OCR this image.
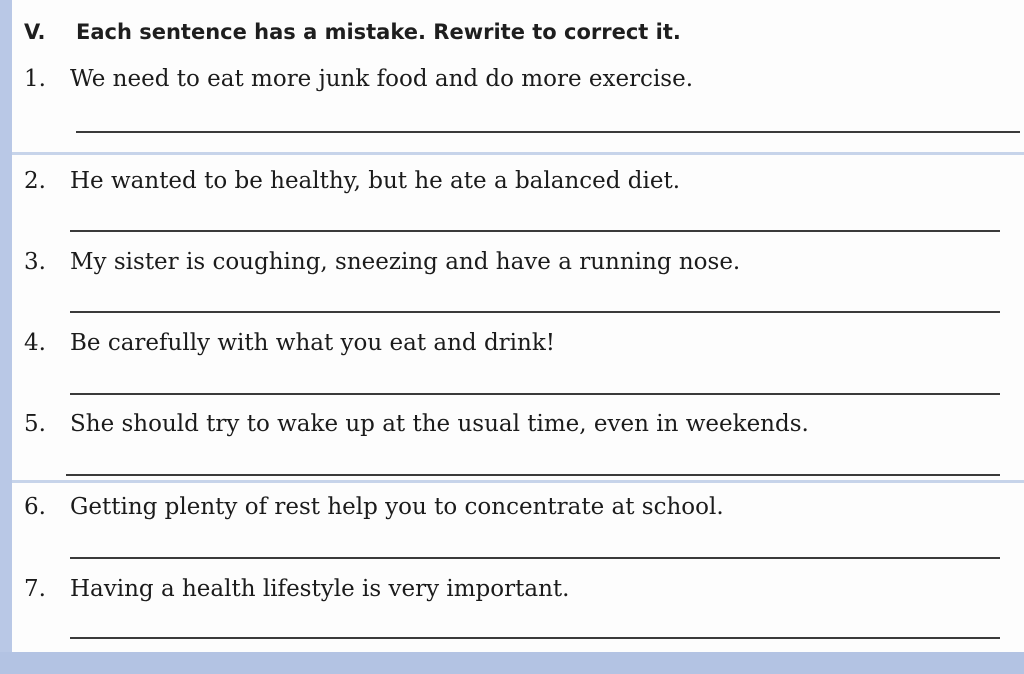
V. Each sentence has a mistake. Rewrite to correct it.
1. We need to eat more junk food and do more exercise.
2. He wanted to be healthy, but he ate a balanced diet.
3. My sister is coughing, sneezing and have a running nose.
4. Be carefully with what you eat and drink!
5. She should try to wake up at the usual time, even in weekends.
6. Getting plenty of rest help you to concentrate at school.
7. Having a health lifestyle is very important.
